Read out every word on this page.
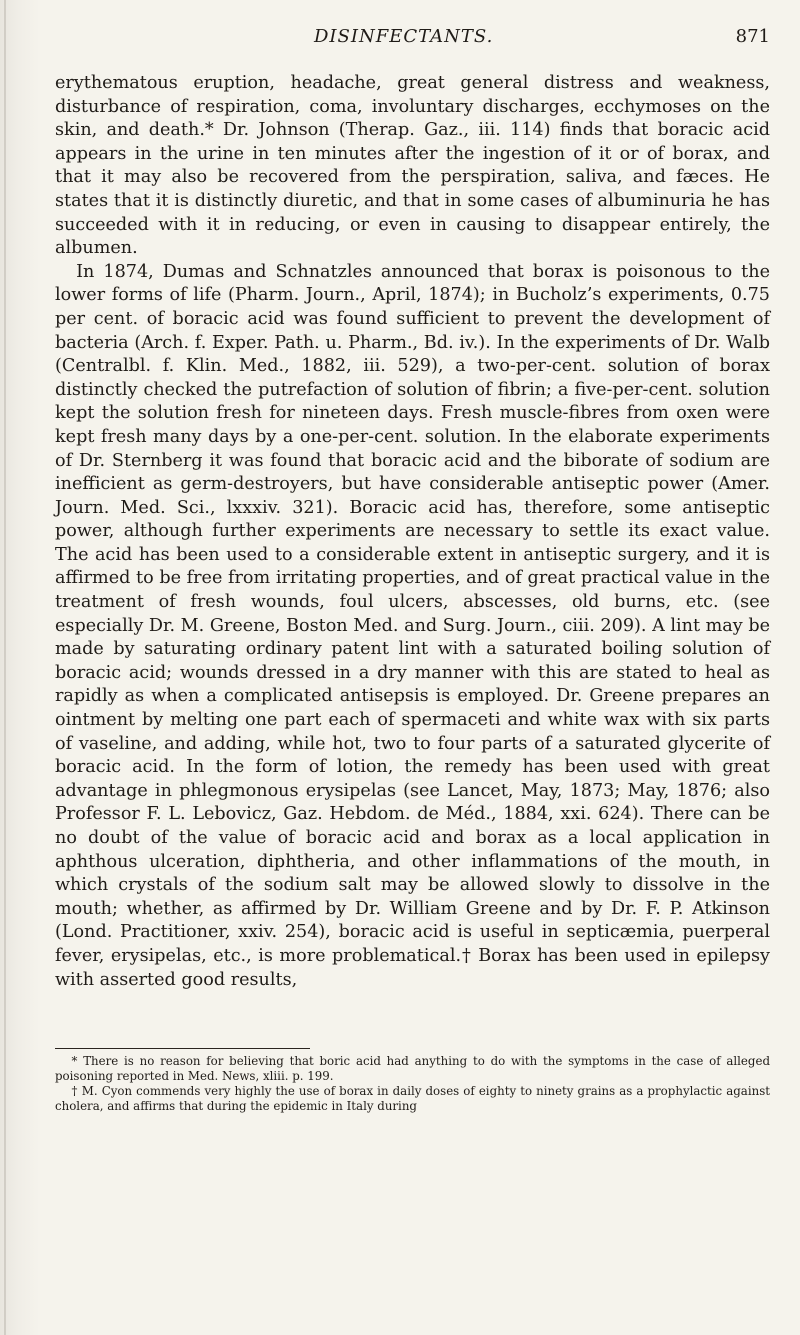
DISINFECTANTS.	871

erythematous eruption, headache, great general distress and weakness, disturbance of respiration, coma, involuntary discharges, ecchymoses on the skin, and death.* Dr. Johnson (Therap. Gaz., iii. 114) finds that boracic acid appears in the urine in ten minutes after the ingestion of it or of borax, and that it may also be recovered from the perspiration, saliva, and fæces. He states that it is distinctly diuretic, and that in some cases of albuminuria he has succeeded with it in reducing, or even in causing to disappear entirely, the albumen.

In 1874, Dumas and Schnatzles announced that borax is poisonous to the lower forms of life (Pharm. Journ., April, 1874); in Bucholz’s experiments, 0.75 per cent. of boracic acid was found sufficient to prevent the development of bacteria (Arch. f. Exper. Path. u. Pharm., Bd. iv.). In the experiments of Dr. Walb (Centralbl. f. Klin. Med., 1882, iii. 529), a two-per-cent. solution of borax distinctly checked the putrefaction of solution of fibrin; a five-per-cent. solution kept the solution fresh for nineteen days. Fresh muscle-fibres from oxen were kept fresh many days by a one-per-cent. solution. In the elaborate experiments of Dr. Sternberg it was found that boracic acid and the biborate of sodium are inefficient as germ-destroyers, but have considerable antiseptic power (Amer. Journ. Med. Sci., lxxxiv. 321). Boracic acid has, therefore, some antiseptic power, although further experiments are necessary to settle its exact value. The acid has been used to a considerable extent in antiseptic surgery, and it is affirmed to be free from irritating properties, and of great practical value in the treatment of fresh wounds, foul ulcers, abscesses, old burns, etc. (see especially Dr. M. Greene, Boston Med. and Surg. Journ., ciii. 209). A lint may be made by saturating ordinary patent lint with a saturated boiling solution of boracic acid; wounds dressed in a dry manner with this are stated to heal as rapidly as when a complicated antisepsis is employed. Dr. Greene prepares an ointment by melting one part each of spermaceti and white wax with six parts of vaseline, and adding, while hot, two to four parts of a saturated glycerite of boracic acid. In the form of lotion, the remedy has been used with great advantage in phlegmonous erysipelas (see Lancet, May, 1873; May, 1876; also Professor F. L. Lebovicz, Gaz. Hebdom. de Méd., 1884, xxi. 624). There can be no doubt of the value of boracic acid and borax as a local application in aphthous ulceration, diphtheria, and other inflammations of the mouth, in which crystals of the sodium salt may be allowed slowly to dissolve in the mouth; whether, as affirmed by Dr. William Greene and by Dr. F. P. Atkinson (Lond. Practitioner, xxiv. 254), boracic acid is useful in septicæmia, puerperal fever, erysipelas, etc., is more problematical.† Borax has been used in epilepsy with asserted good results,

* There is no reason for believing that boric acid had anything to do with the symptoms in the case of alleged poisoning reported in Med. News, xliii. p. 199.

† M. Cyon commends very highly the use of borax in daily doses of eighty to ninety grains as a prophylactic against cholera, and affirms that during the epidemic in Italy during
